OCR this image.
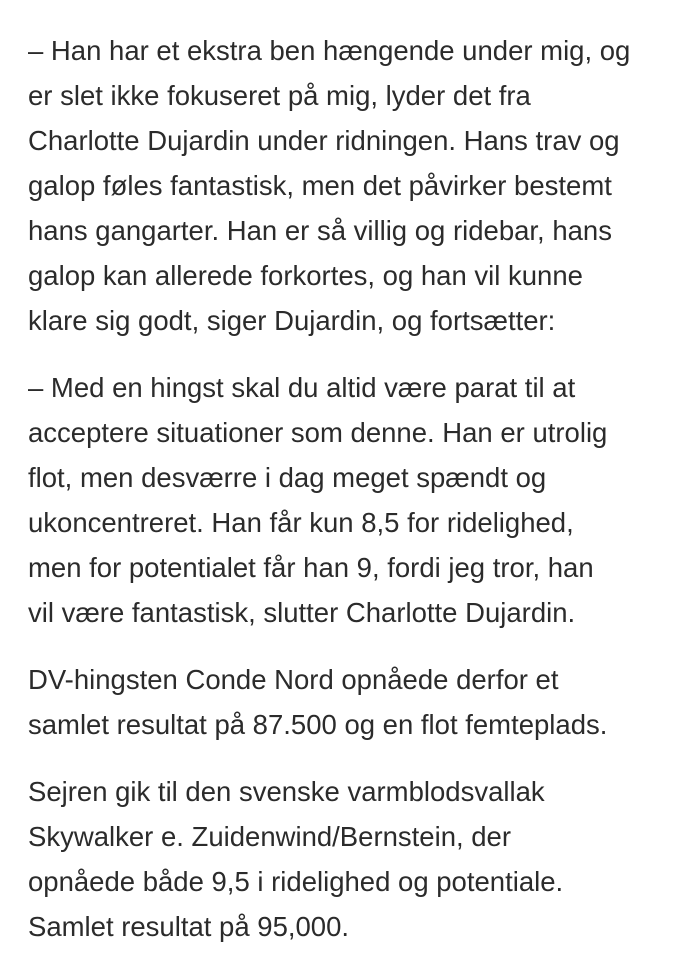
– Han har et ekstra ben hængende under mig, og
er slet ikke fokuseret på mig, lyder det fra
Charlotte Dujardin under ridningen. Hans trav og
galop føles fantastisk, men det påvirker bestemt
hans gangarter. Han er så villig og ridebar, hans
galop kan allerede forkortes, og han vil kunne
klare sig godt, siger Dujardin, og fortsætter:

– Med en hingst skal du altid være parat til at
acceptere situationer som denne. Han er utrolig
flot, men desværre i dag meget spændt og
ukoncentreret. Han får kun 8,5 for ridelighed,
men for potentialet får han 9, fordi jeg tror, han
vil være fantastisk, slutter Charlotte Dujardin.

DV-hingsten Conde Nord opnåede derfor et
samlet resultat på 87.500 og en flot femteplads.

Sejren gik til den svenske varmblodsvallak
Skywalker e. Zuidenwind/Bernstein, der
opnåede både 9,5 i ridelighed og potentiale.
Samlet resultat på 95,000.
